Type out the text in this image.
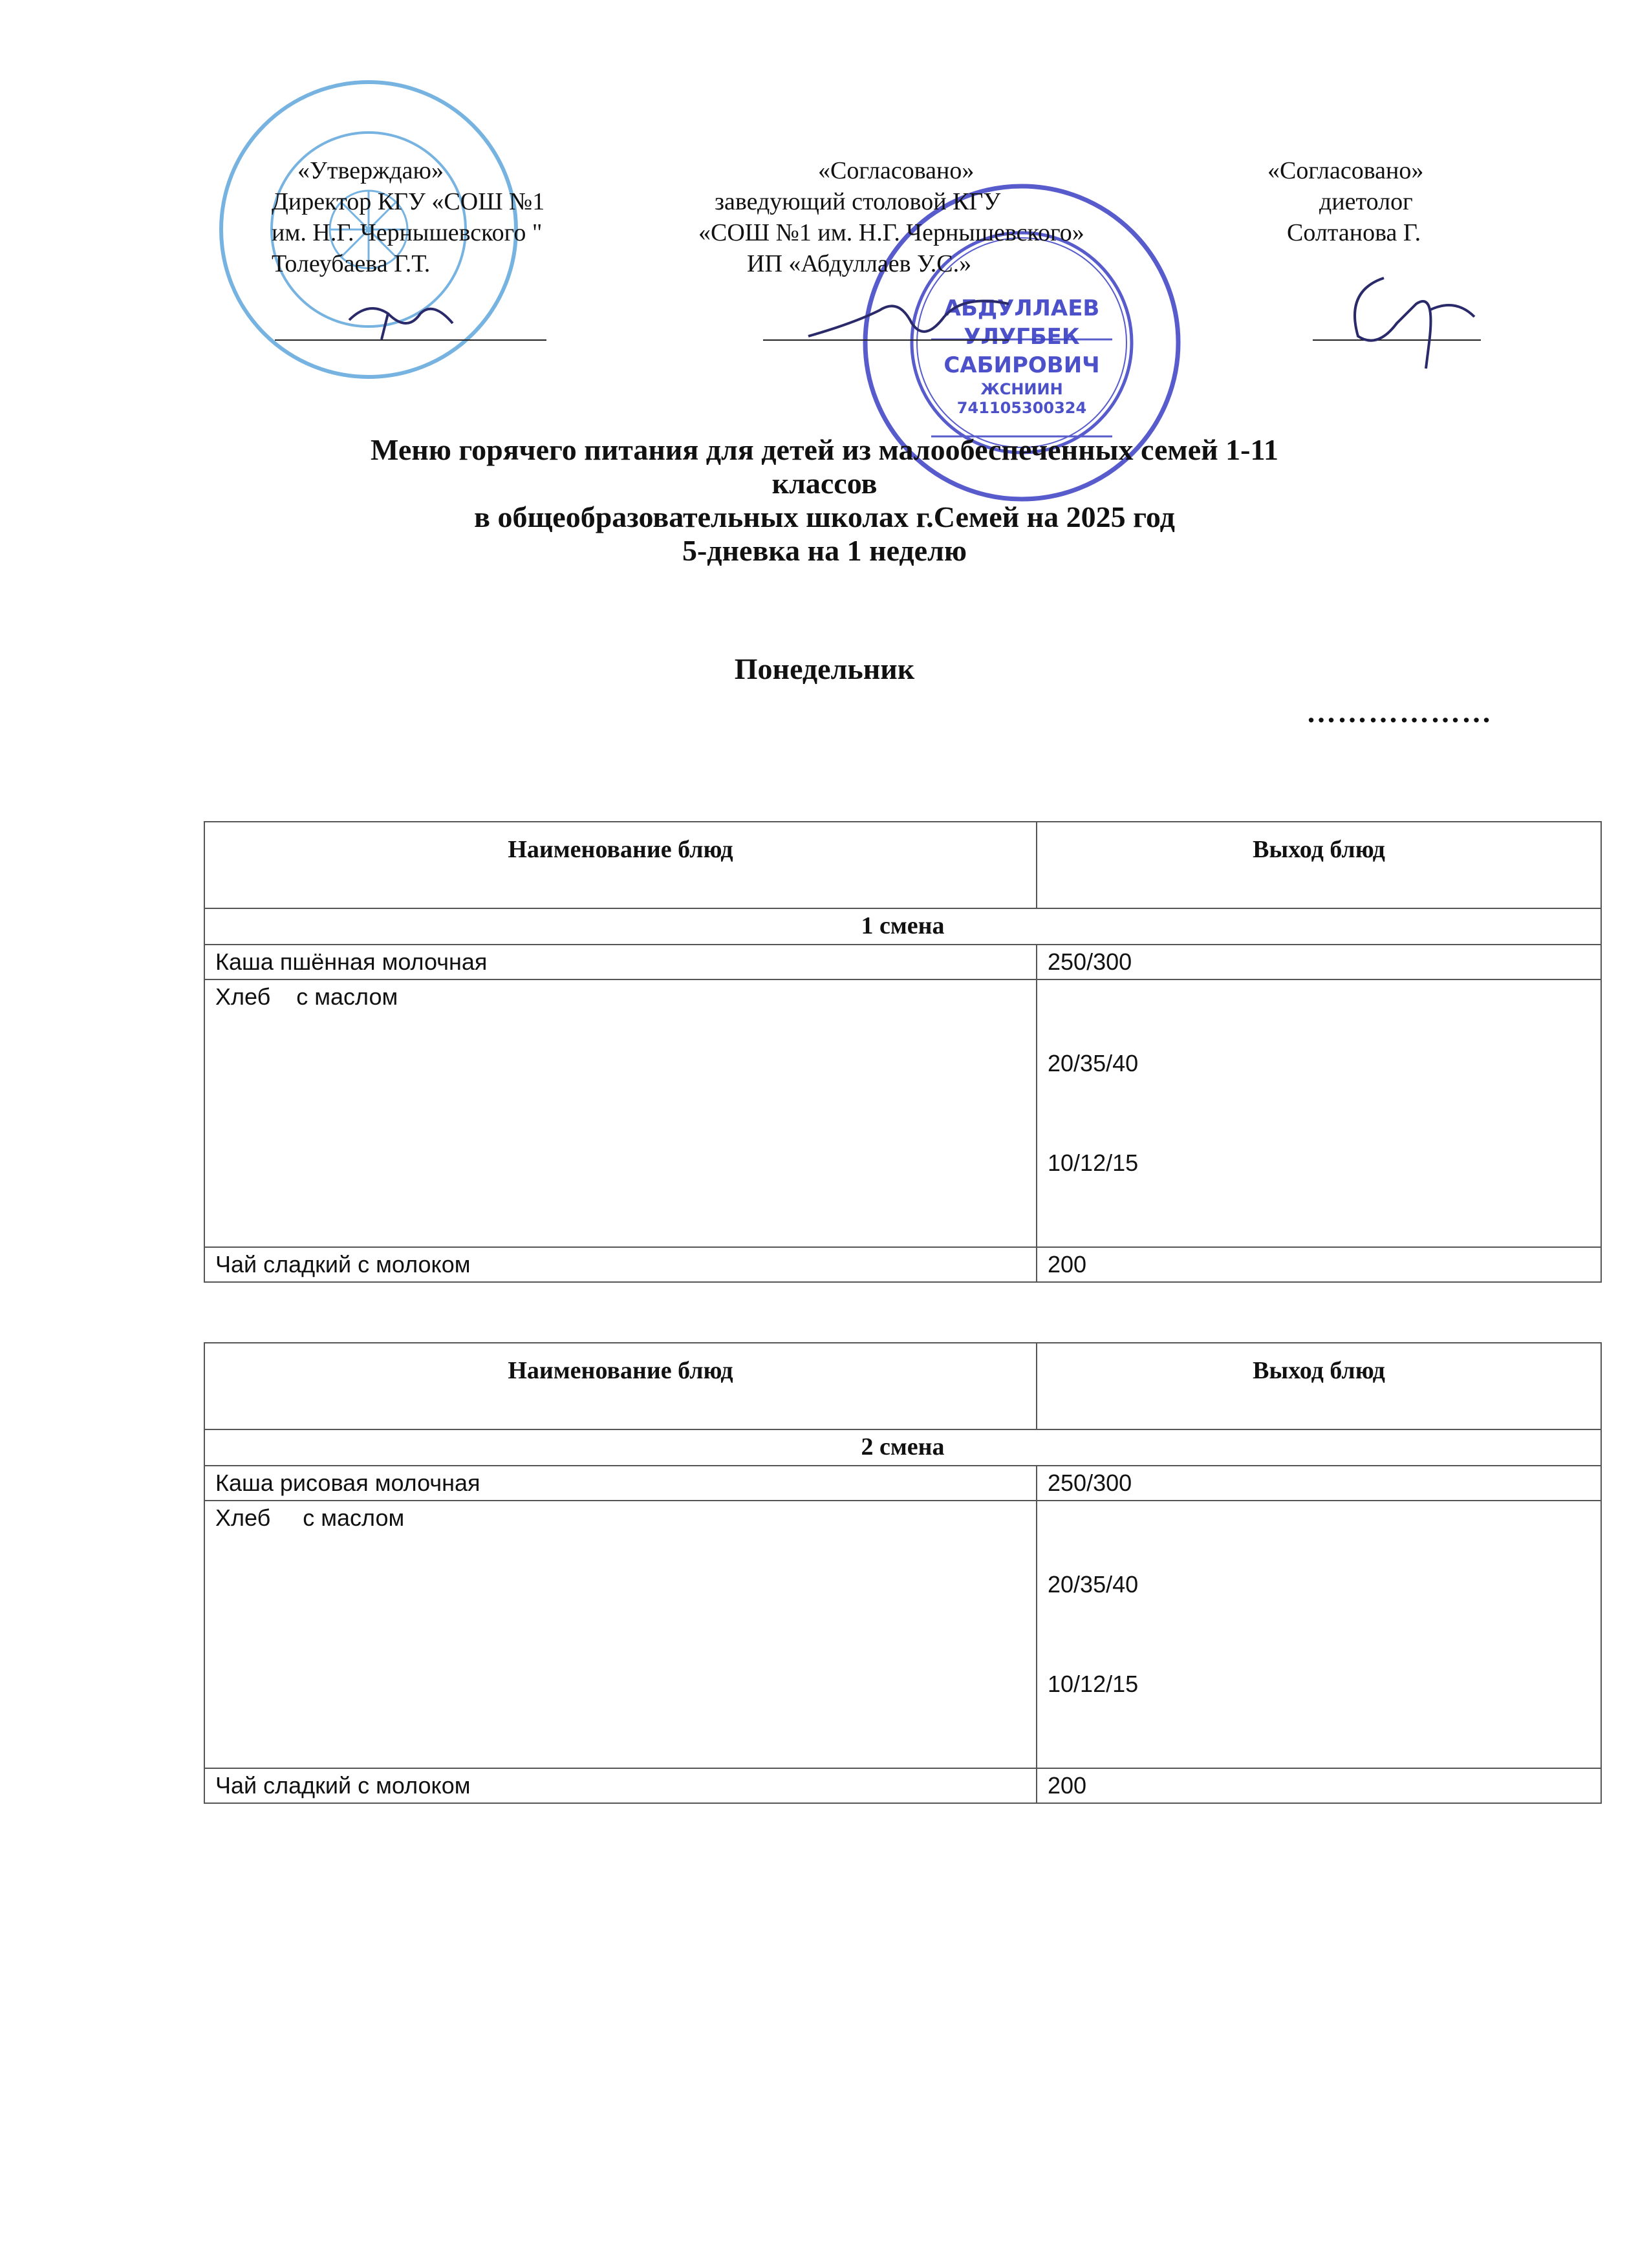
АБДУЛЛАЕВ
УЛУГБЕК
САБИРОВИЧ
ЖСНИИН
741105300324
«Утверждаю»
Директор КГУ «СОШ №1
им. Н.Г. Чернышевского "
Толеубаева Г.Т.
«Согласовано»
заведующий столовой КГУ
«СОШ №1 им. Н.Г. Чернышевского»
ИП «Абдуллаев У.С.»
«Согласовано»
диетолог
Солтанова Г.
Меню горячего питания для детей из малообеспеченных семей 1-11
классов
в общеобразовательных школах г.Семей на 2025 год
5-дневка на 1 неделю
Понедельник
………………
Наименование блюд	Выход блюд
1 смена	
Каша пшённая молочная	250/300
Хлеб    с маслом	20/35/40

10/12/15

Чай сладкий с молоком	200
Наименование блюд	Выход блюд
2 смена	
Каша рисовая молочная	250/300
Хлеб     с маслом	20/35/40

10/12/15

Чай сладкий с молоком	200
